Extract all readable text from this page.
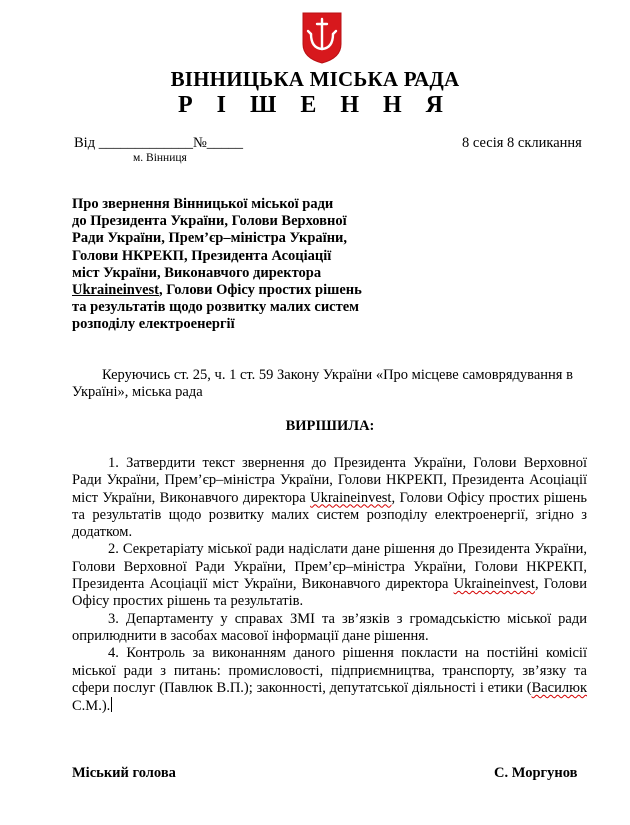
ВІННИЦЬКА МІСЬКА РАДА
Р І Ш Е Н Н Я
Від _____________№_____
м. Вінниця
8 сесія 8 скликання

Про звернення Вінницької міської ради

до Президента України, Голови Верховної

Ради України, Прем’єр–міністра України,

Голови НКРЕКП, Президента Асоціації

міст України, Виконавчого директора

Ukraineinvest, Голови Офісу простих рішень

та результатів щодо розвитку малих систем

розподілу електроенергії

Керуючись ст. 25, ч. 1 ст. 59 Закону України «Про місцеве самоврядування в Україні», міська рада

ВИРІШИЛА:

1. Затвердити текст звернення до Президента України, Голови Верховної Ради України, Прем’єр–міністра України, Голови НКРЕКП, Президента Асоціації міст України, Виконавчого директора Ukraineinvest, Голови Офісу простих рішень та результатів щодо розвитку малих систем розподілу електроенергії, згідно з додатком.

2. Секретаріату міської ради надіслати дане рішення до Президента України, Голови Верховної Ради України, Прем’єр–міністра України, Голови НКРЕКП, Президента Асоціації міст України, Виконавчого директора Ukraineinvest, Голови Офісу простих рішень та результатів.

3. Департаменту у справах ЗМІ та зв’язків з громадськістю міської ради оприлюднити в засобах масової інформації дане рішення.

4. Контроль за виконанням даного рішення покласти на постійні комісії міської ради з питань: промисловості, підприємництва, транспорту, зв’язку та сфери послуг (Павлюк В.П.); законності, депутатської діяльності і етики (Василюк С.М.).

Міський голова	С. Моргунов
